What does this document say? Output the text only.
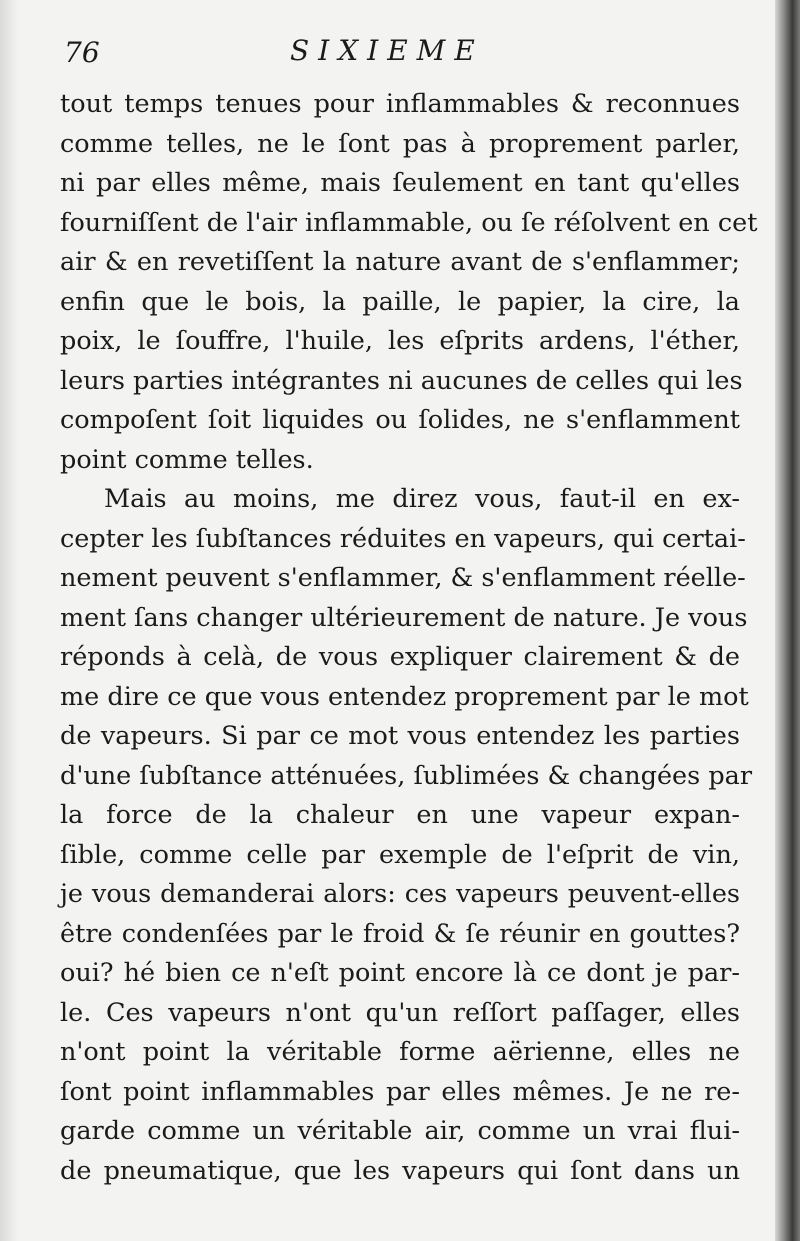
76	SIXIEME
tout temps tenues pour inflammables & reconnues
comme telles, ne le ſont pas à proprement parler,
ni par elles même, mais ſeulement en tant qu'elles
fourniſſent de l'air inflammable, ou ſe réſolvent en cet
air & en revetiſſent la nature avant de s'enflammer;
enfin que le bois, la paille, le papier, la cire, la
poix, le ſouffre, l'huile, les eſprits ardens, l'éther,
leurs parties intégrantes ni aucunes de celles qui les
compoſent ſoit liquides ou ſolides, ne s'enflamment
point comme telles.
Mais au moins, me direz vous, faut-il en ex-
cepter les ſubſtances réduites en vapeurs, qui certai-
nement peuvent s'enflammer, & s'enflamment réelle-
ment ſans changer ultérieurement de nature. Je vous
réponds à celà, de vous expliquer clairement & de
me dire ce que vous entendez proprement par le mot
de vapeurs. Si par ce mot vous entendez les parties
d'une ſubſtance atténuées, ſublimées & changées par
la force de la chaleur en une vapeur expan-
ſible, comme celle par exemple de l'eſprit de vin,
je vous demanderai alors: ces vapeurs peuvent-elles
être condenſées par le froid & ſe réunir en gouttes?
oui? hé bien ce n'eſt point encore là ce dont je par-
le. Ces vapeurs n'ont qu'un reſſort paſſager, elles
n'ont point la véritable forme aërienne, elles ne
ſont point inflammables par elles mêmes. Je ne re-
garde comme un véritable air, comme un vrai flui-
de pneumatique, que les vapeurs qui ſont dans un
